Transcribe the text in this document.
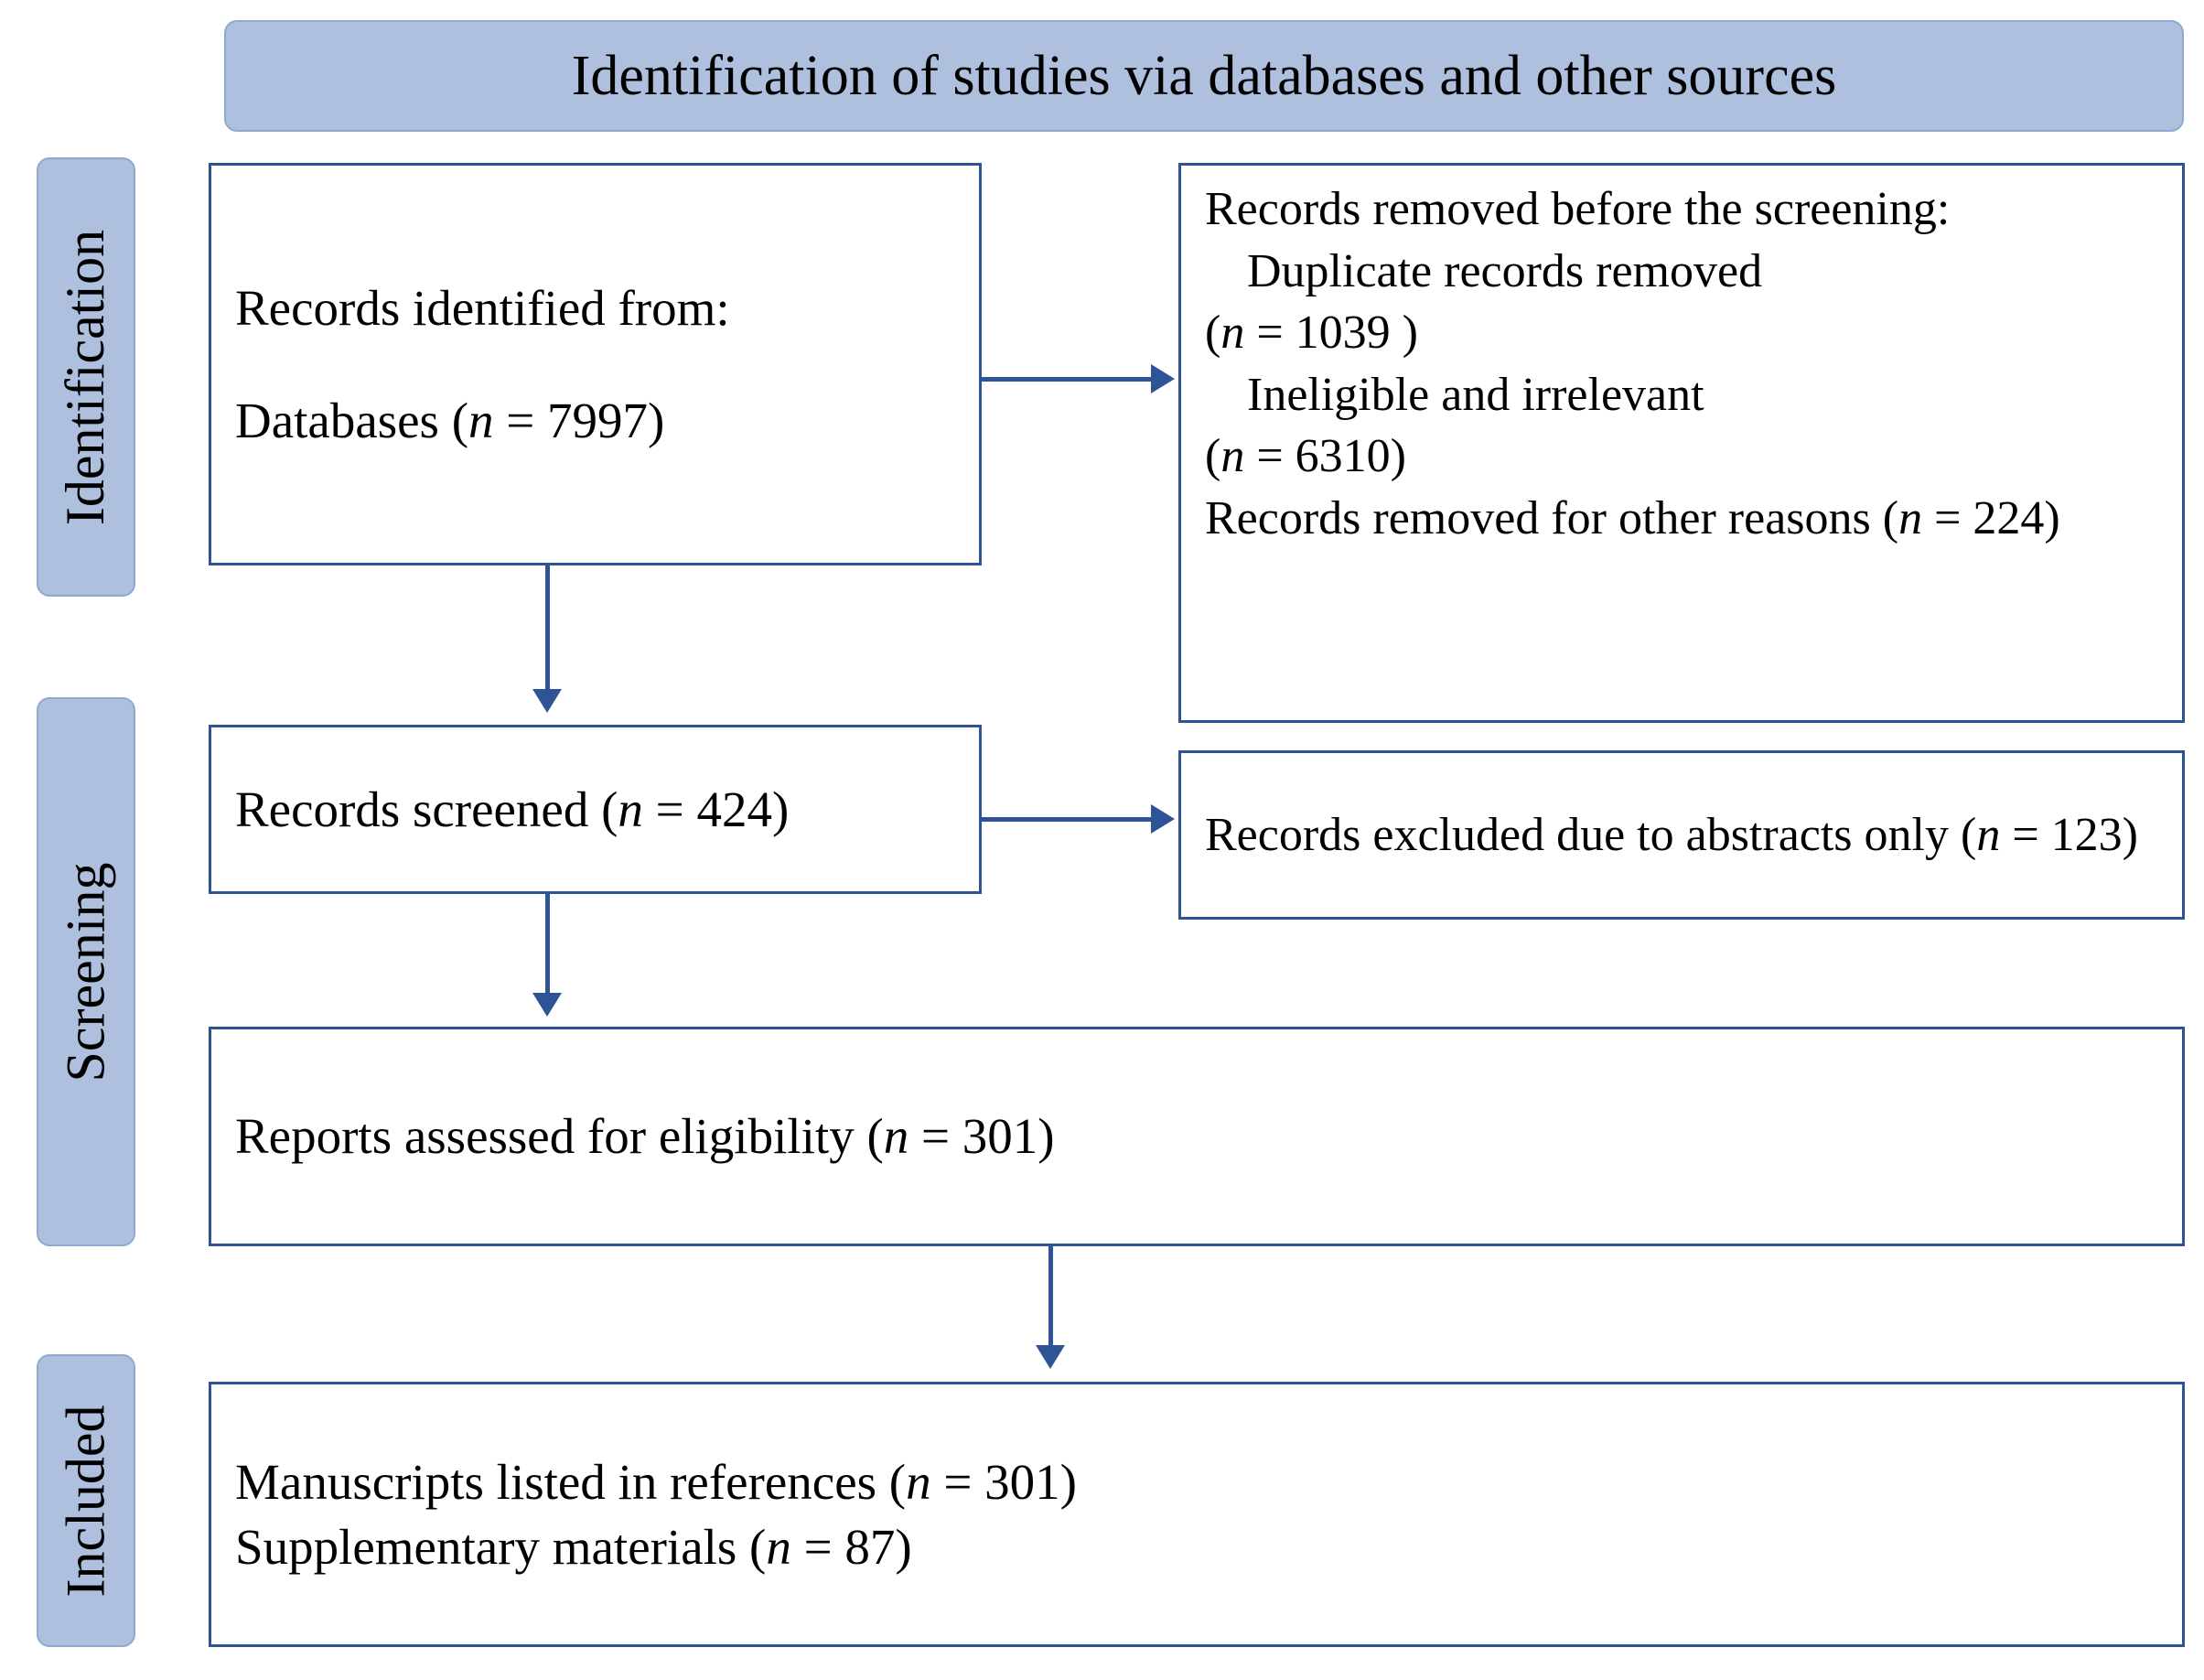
Identification of studies via databases and other sources
Identification
Screening
Included
Records identified from:
Databases (n = 7997)
Records removed before the screening:
Duplicate records removed
(n = 1039 )
Ineligible and irrelevant
(n = 6310)
Records removed for other reasons (n = 224)
Records screened (n = 424)	Records excluded due to abstracts only (n = 123)
Reports assessed for eligibility (n = 301)
Manuscripts listed in references (n = 301)
Supplementary materials (n = 87)
